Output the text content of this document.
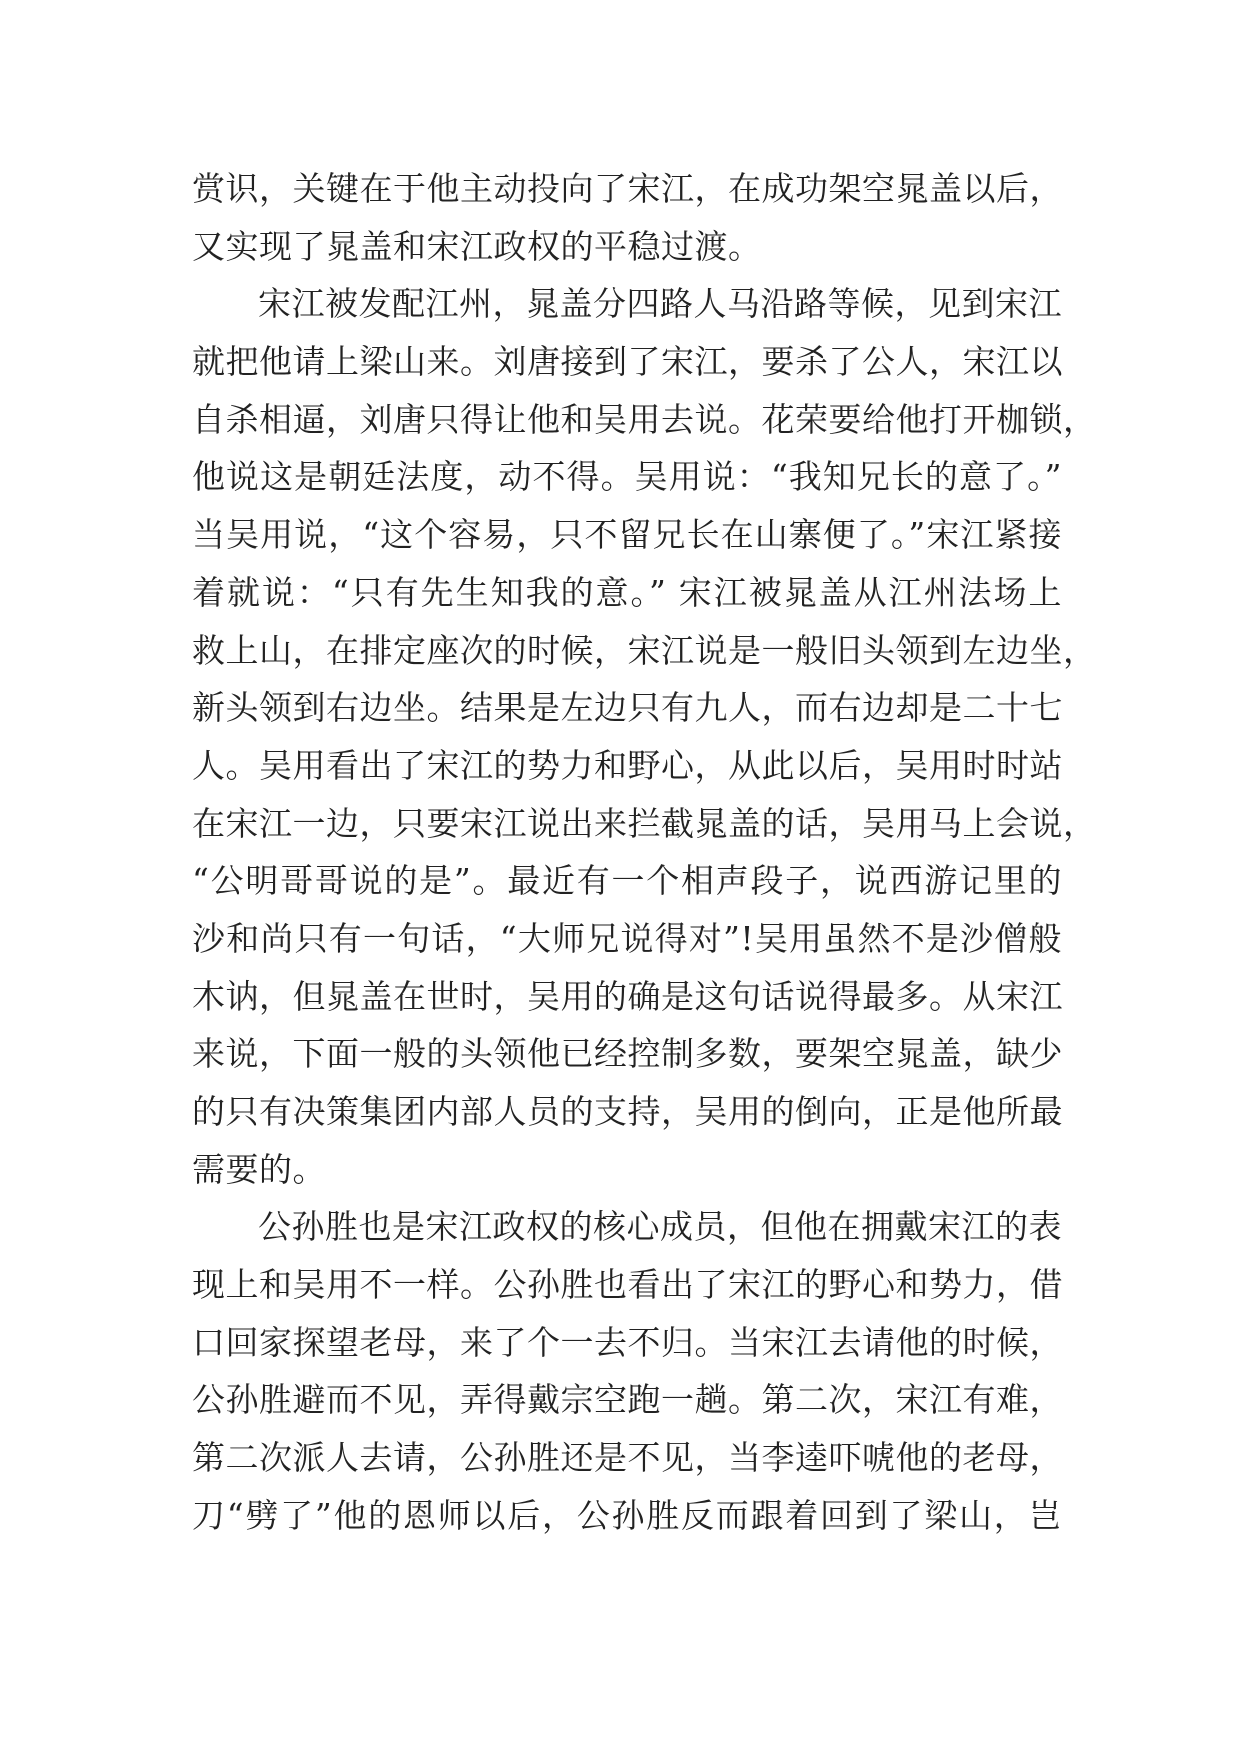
赏识，关键在于他主动投向了宋江，在成功架空晁盖以后，
又实现了晁盖和宋江政权的平稳过渡。
宋江被发配江州，晁盖分四路人马沿路等候，见到宋江
就把他请上梁山来。刘唐接到了宋江，要杀了公人，宋江以
自杀相逼，刘唐只得让他和吴用去说。花荣要给他打开枷锁，
他说这是朝廷法度，动不得。吴用说：“我知兄长的意了。”
当吴用说，“这个容易，只不留兄长在山寨便了。”宋江紧接
着就说：“只有先生知我的意。” 宋江被晁盖从江州法场上
救上山，在排定座次的时候，宋江说是一般旧头领到左边坐，
新头领到右边坐。结果是左边只有九人，而右边却是二十七
人。吴用看出了宋江的势力和野心，从此以后，吴用时时站
在宋江一边，只要宋江说出来拦截晁盖的话，吴用马上会说，
“公明哥哥说的是”。最近有一个相声段子，说西游记里的
沙和尚只有一句话，“大师兄说得对”!吴用虽然不是沙僧般
木讷，但晁盖在世时，吴用的确是这句话说得最多。从宋江
来说，下面一般的头领他已经控制多数，要架空晁盖，缺少
的只有决策集团内部人员的支持，吴用的倒向，正是他所最
需要的。
公孙胜也是宋江政权的核心成员，但他在拥戴宋江的表
现上和吴用不一样。公孙胜也看出了宋江的野心和势力，借
口回家探望老母，来了个一去不归。当宋江去请他的时候，
公孙胜避而不见，弄得戴宗空跑一趟。第二次，宋江有难，
第二次派人去请，公孙胜还是不见，当李逵吓唬他的老母，
刀“劈了”他的恩师以后，公孙胜反而跟着回到了梁山，岂
